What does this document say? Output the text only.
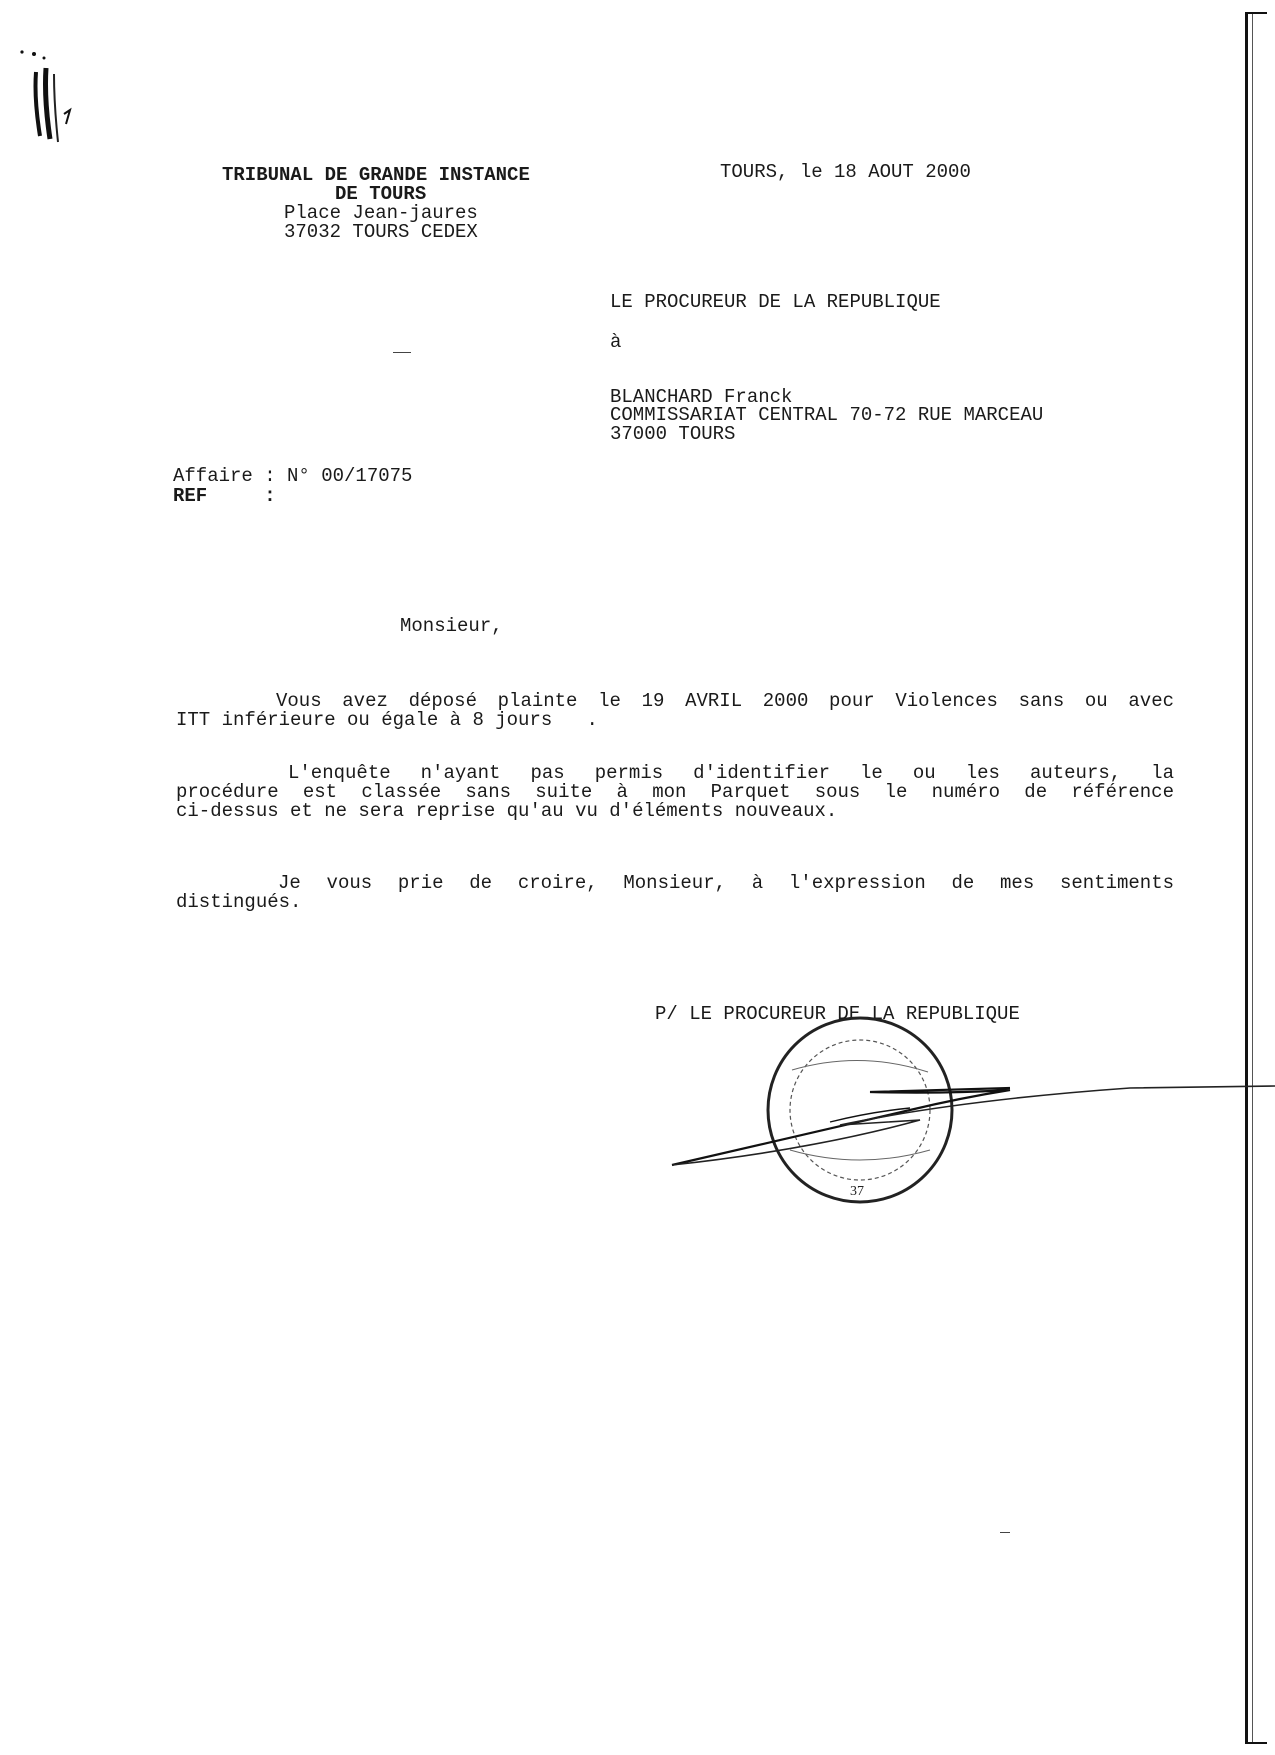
TRIBUNAL DE GRANDE INSTANCE
DE TOURS
Place Jean-jaures
37032 TOURS CEDEX
TOURS, le 18 AOUT 2000
LE PROCUREUR DE LA REPUBLIQUE
à
BLANCHARD Franck
COMMISSARIAT CENTRAL 70-72 RUE MARCEAU
37000 TOURS
Affaire : N° 00/17075
REF     :
Monsieur,
Vous avez déposé plainte le 19 AVRIL 2000 pour Violences sans ou avec
ITT inférieure ou égale à 8 jours   .
L'enquête n'ayant pas permis d'identifier le ou les auteurs, la
procédure est classée sans suite à mon Parquet sous le numéro de référence
ci-dessus et ne sera reprise qu'au vu d'éléments nouveaux.
Je vous prie de croire, Monsieur, à l'expression de mes sentiments
distingués.
P/ LE PROCUREUR DE LA REPUBLIQUE
37
